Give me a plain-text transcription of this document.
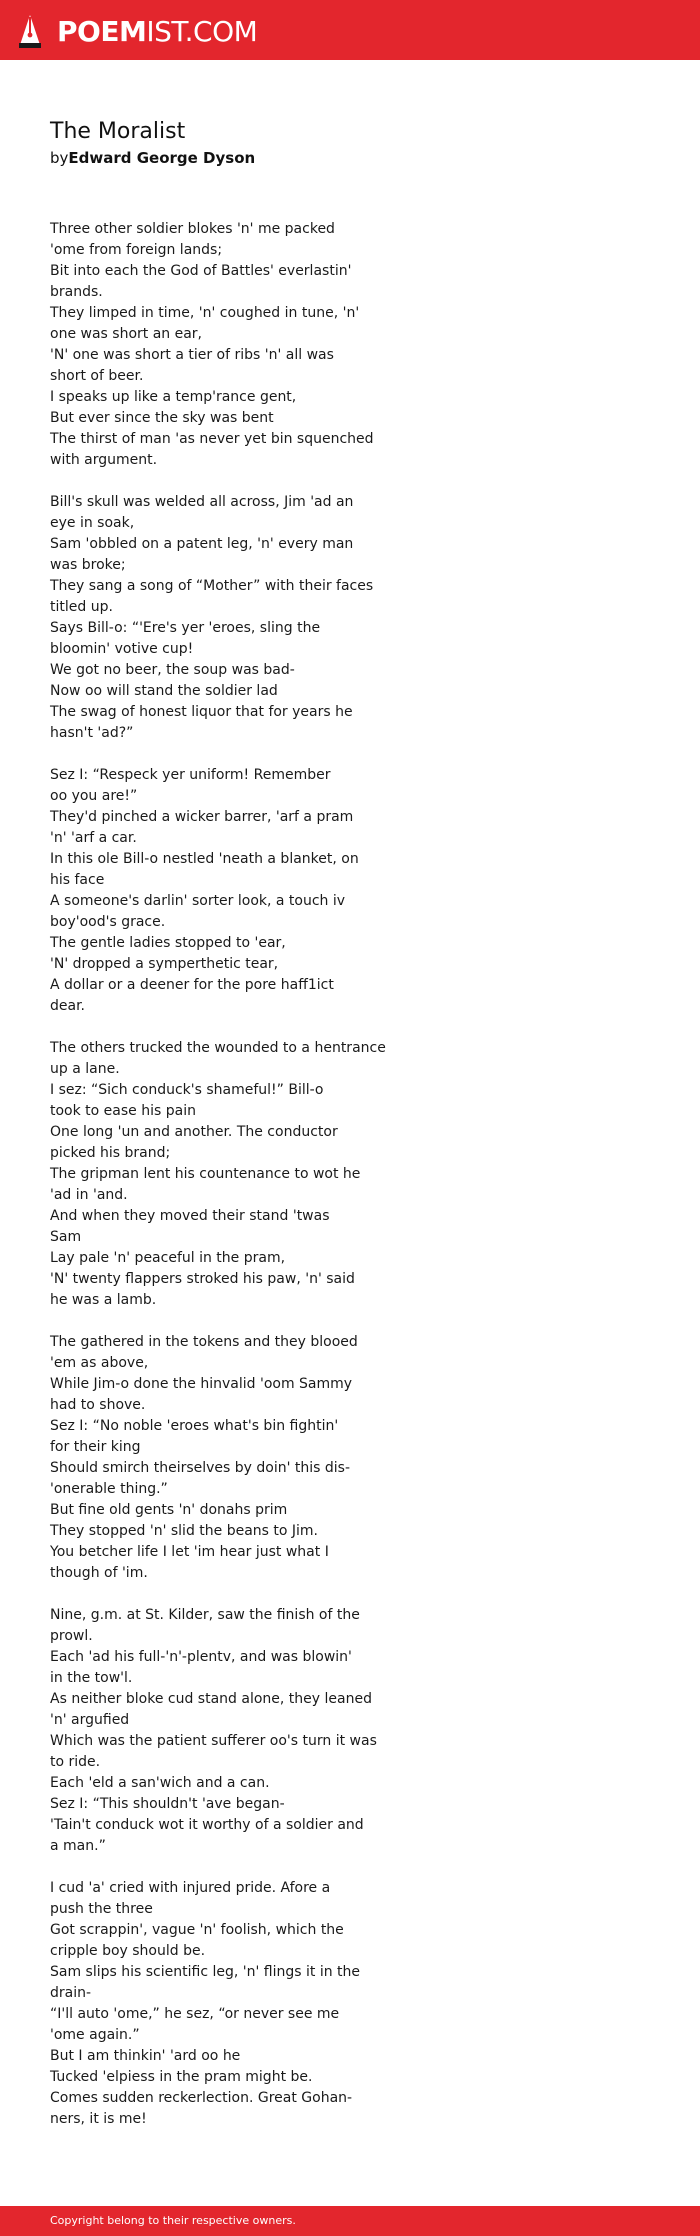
POEMIST.COM
The Moralist
byEdward George Dyson
Three other soldier blokes 'n' me packed
'ome from foreign lands;
Bit into each the God of Battles' everlastin'
brands.
They limped in time, 'n' coughed in tune, 'n'
one was short an ear,
'N' one was short a tier of ribs 'n' all was
short of beer.
I speaks up like a temp'rance gent,
But ever since the sky was bent
The thirst of man 'as never yet bin squenched
with argument.
Bill's skull was welded all across, Jim 'ad an
eye in soak,
Sam 'obbled on a patent leg, 'n' every man
was broke;
They sang a song of “Mother” with their faces
titled up.
Says Bill-o: “'Ere's yer 'eroes, sling the
bloomin' votive cup!
We got no beer, the soup was bad-
Now oo will stand the soldier lad
The swag of honest liquor that for years he
hasn't 'ad?”
Sez I: “Respeck yer uniform! Remember
oo you are!”
They'd pinched a wicker barrer, 'arf a pram
'n' 'arf a car.
In this ole Bill-o nestled 'neath a blanket, on
his face
A someone's darlin' sorter look, a touch iv
boy'ood's grace.
The gentle ladies stopped to 'ear,
'N' dropped a symperthetic tear,
A dollar or a deener for the pore haff1ict
dear.
The others trucked the wounded to a hentrance
up a lane.
I sez: “Sich conduck's shameful!” Bill-o
took to ease his pain
One long 'un and another. The conductor
picked his brand;
The gripman lent his countenance to wot he
'ad in 'and.
And when they moved their stand 'twas
Sam
Lay pale 'n' peaceful in the pram,
'N' twenty flappers stroked his paw, 'n' said
he was a lamb.
The gathered in the tokens and they blooed
'em as above,
While Jim-o done the hinvalid 'oom Sammy
had to shove.
Sez I: “No noble 'eroes what's bin fightin'
for their king
Should smirch theirselves by doin' this dis-
'onerable thing.”
But fine old gents 'n' donahs prim
They stopped 'n' slid the beans to Jim.
You betcher life I let 'im hear just what I
though of 'im.
Nine, g.m. at St. Kilder, saw the finish of the
prowl.
Each 'ad his full-'n'-plentv, and was blowin'
in the tow'l.
As neither bloke cud stand alone, they leaned
'n' argufied
Which was the patient sufferer oo's turn it was
to ride.
Each 'eld a san'wich and a can.
Sez I: “This shouldn't 'ave began-
'Tain't conduck wot it worthy of a soldier and
a man.”
I cud 'a' cried with injured pride. Afore a
push the three
Got scrappin', vague 'n' foolish, which the
cripple boy should be.
Sam slips his scientific leg, 'n' flings it in the
drain-
“I'll auto 'ome,” he sez, “or never see me
'ome again.”
But I am thinkin' 'ard oo he
Tucked 'elpiess in the pram might be.
Comes sudden reckerlection. Great Gohan-
ners, it is me!
Copyright belong to their respective owners.
